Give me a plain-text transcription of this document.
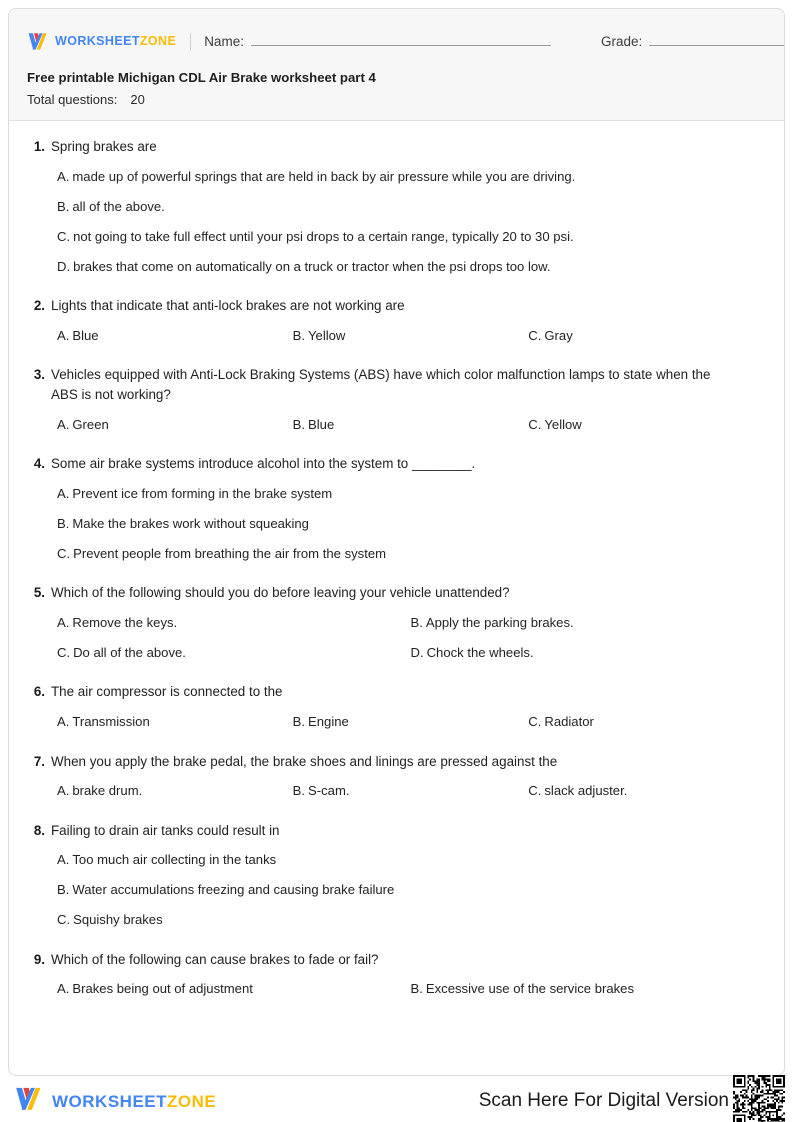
WORKSHEETZONE Name:	Grade:
Free printable Michigan CDL Air Brake worksheet part 4
Total questions: 20
1. Spring brakes are
A. made up of powerful springs that are held in back by air pressure while you are driving.
B. all of the above.
C. not going to take full effect until your psi drops to a certain range, typically 20 to 30 psi.
D. brakes that come on automatically on a truck or tractor when the psi drops too low.
2. Lights that indicate that anti-lock brakes are not working are
A. Blue	B. Yellow	C. Gray
3. Vehicles equipped with Anti-Lock Braking Systems (ABS) have which color malfunction lamps to state when the ABS is not working?
A. Green	B. Blue	C. Yellow
4. Some air brake systems introduce alcohol into the system to ________.
A. Prevent ice from forming in the brake system
B. Make the brakes work without squeaking
C. Prevent people from breathing the air from the system
5. Which of the following should you do before leaving your vehicle unattended?
A. Remove the keys.	B. Apply the parking brakes.
C. Do all of the above.	D. Chock the wheels.
6. The air compressor is connected to the
A. Transmission	B. Engine	C. Radiator
7. When you apply the brake pedal, the brake shoes and linings are pressed against the
A. brake drum.	B. S-cam.	C. slack adjuster.
8. Failing to drain air tanks could result in
A. Too much air collecting in the tanks
B. Water accumulations freezing and causing brake failure
C. Squishy brakes
9. Which of the following can cause brakes to fade or fail?
A. Brakes being out of adjustment	B. Excessive use of the service brakes
WORKSHEETZONE	Scan Here For Digital Version
